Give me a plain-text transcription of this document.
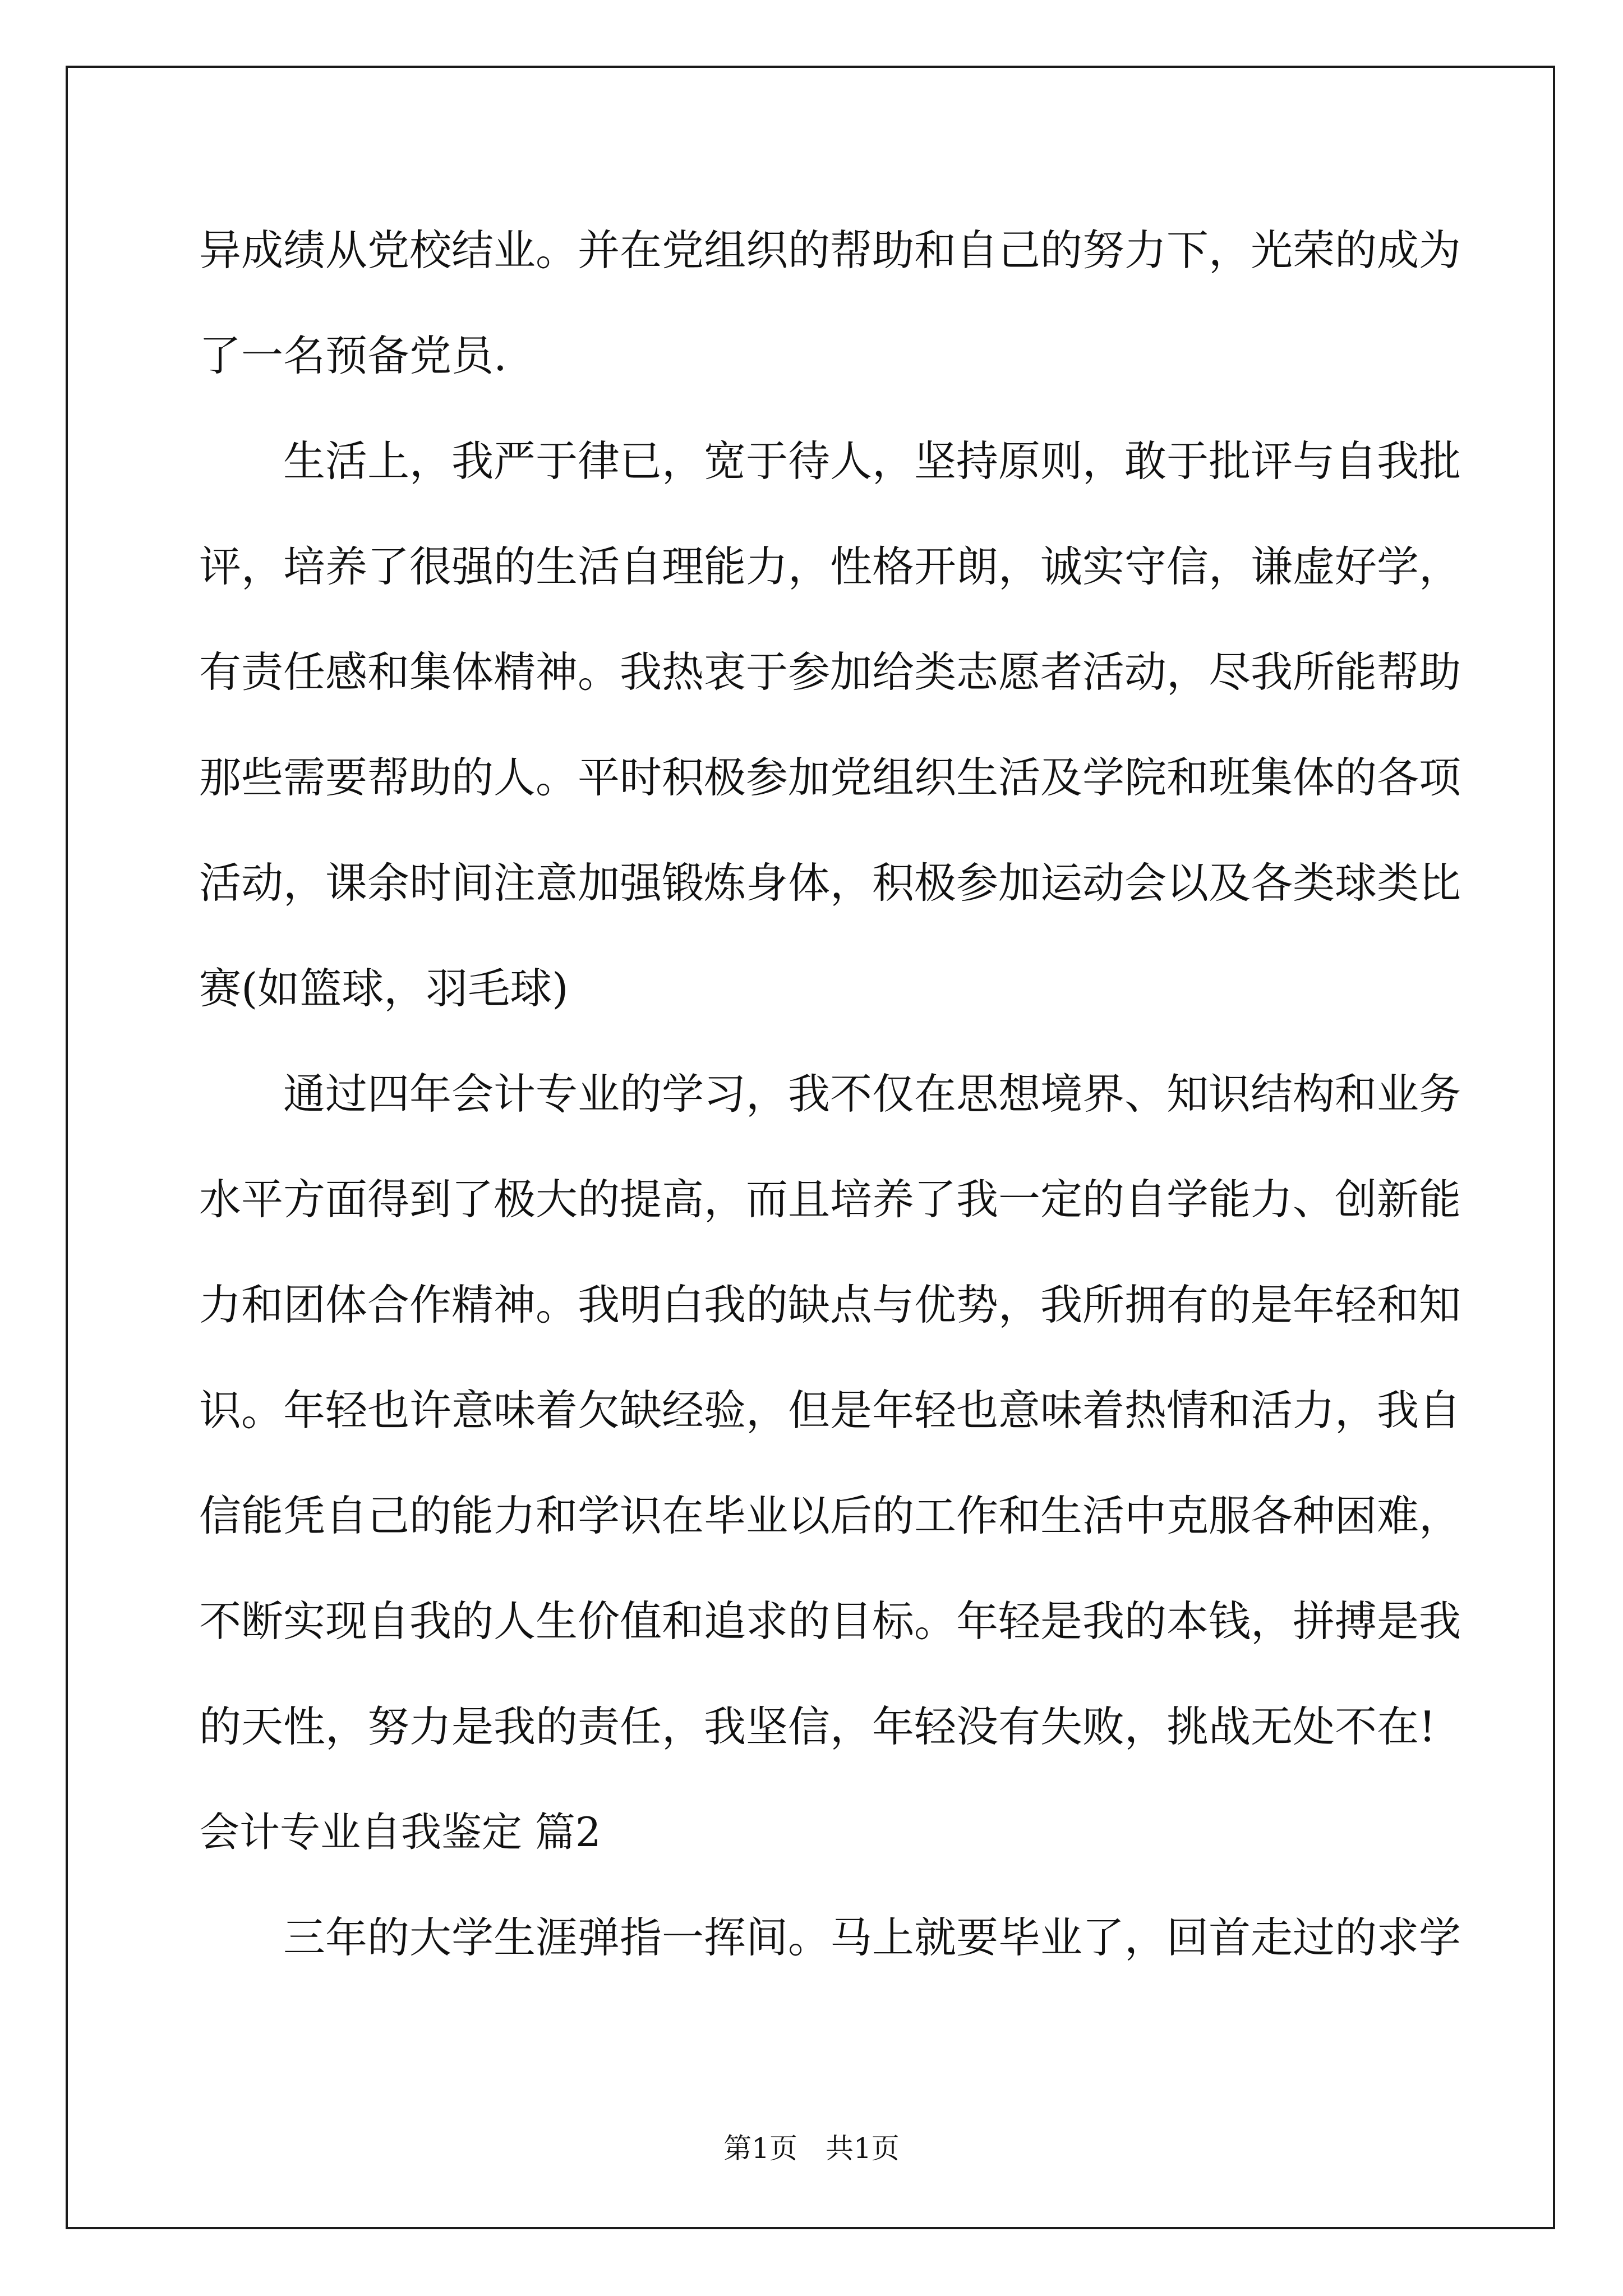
异成绩从党校结业。并在党组织的帮助和自己的努力下，光荣的成为
了一名预备党员.
生活上，我严于律已，宽于待人，坚持原则，敢于批评与自我批
评，培养了很强的生活自理能力，性格开朗，诚实守信，谦虚好学，
有责任感和集体精神。我热衷于参加给类志愿者活动，尽我所能帮助
那些需要帮助的人。平时积极参加党组织生活及学院和班集体的各项
活动，课余时间注意加强锻炼身体，积极参加运动会以及各类球类比
赛(如篮球，羽毛球)
通过四年会计专业的学习，我不仅在思想境界、知识结构和业务
水平方面得到了极大的提高，而且培养了我一定的自学能力、创新能
力和团体合作精神。我明白我的缺点与优势，我所拥有的是年轻和知
识。年轻也许意味着欠缺经验，但是年轻也意味着热情和活力，我自
信能凭自己的能力和学识在毕业以后的工作和生活中克服各种困难，
不断实现自我的人生价值和追求的目标。年轻是我的本钱，拼搏是我
的天性，努力是我的责任，我坚信，年轻没有失败，挑战无处不在!
会计专业自我鉴定 篇2
三年的大学生涯弹指一挥间。马上就要毕业了，回首走过的求学
第1页　共1页
